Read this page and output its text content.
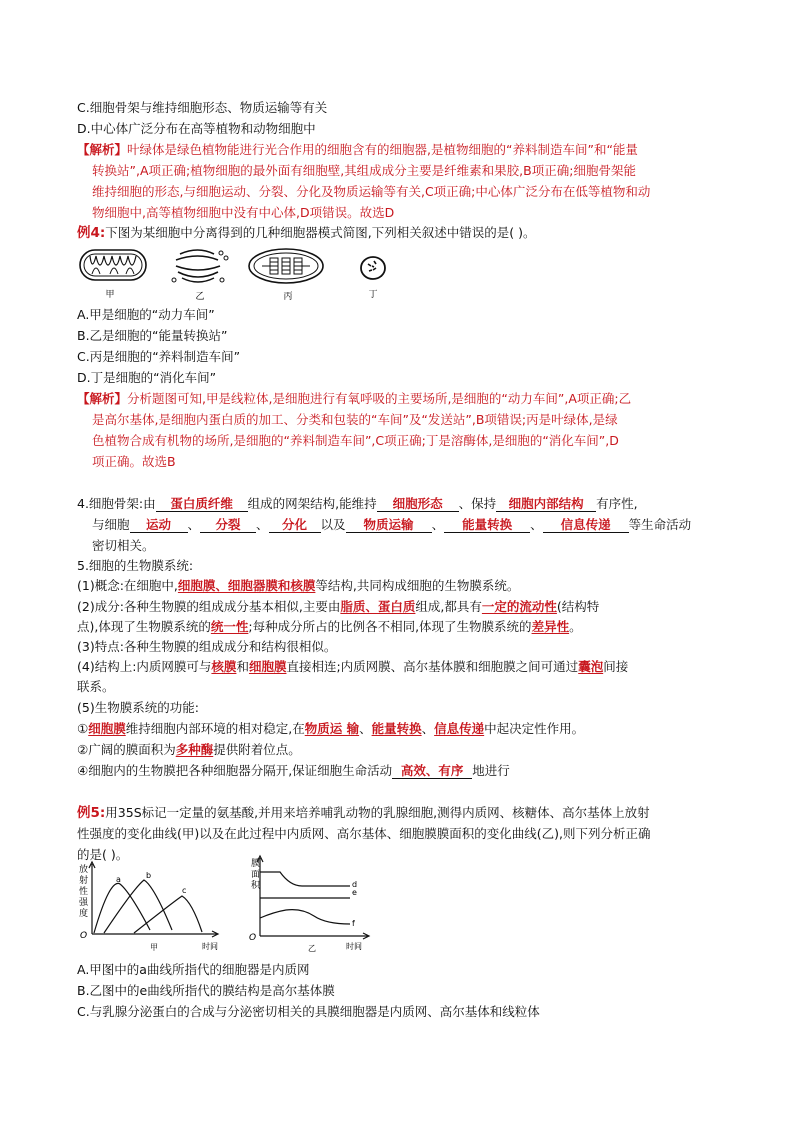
C.细胞骨架与维持细胞形态、物质运输等有关
D.中心体广泛分布在高等植物和动物细胞中
【解析】叶绿体是绿色植物能进行光合作用的细胞含有的细胞器,是植物细胞的“养料制造车间”和“能量
转换站”,A项正确;植物细胞的最外面有细胞壁,其组成成分主要是纤维素和果胶,B项正确;细胞骨架能
维持细胞的形态,与细胞运动、分裂、分化及物质运输等有关,C项正确;中心体广泛分布在低等植物和动
物细胞中,高等植物细胞中没有中心体,D项错误。故选D
例4:下图为某细胞中分离得到的几种细胞器模式简图,下列相关叙述中错误的是( )。
甲	乙	丙	丁
A.甲是细胞的“动力车间”
B.乙是细胞的“能量转换站”
C.丙是细胞的“养料制造车间”
D.丁是细胞的“消化车间”
【解析】分析题图可知,甲是线粒体,是细胞进行有氧呼吸的主要场所,是细胞的“动力车间”,A项正确;乙
是高尔基体,是细胞内蛋白质的加工、分类和包装的“车间”及“发送站”,B项错误;丙是叶绿体,是绿
色植物合成有机物的场所,是细胞的“养料制造车间”,C项正确;丁是溶酶体,是细胞的“消化车间”,D
项正确。故选B
4.细胞骨架:由 蛋白质纤维 组成的网架结构,能维持 细胞形态 、保持 细胞内部结构 有序性,
与细胞 运动 、 分裂 、 分化 以及 物质运输 、 能量转换 、 信息传递 等生命活动
密切相关。
5.细胞的生物膜系统:
(1)概念:在细胞中,细胞膜、细胞器膜和核膜等结构,共同构成细胞的生物膜系统。
(2)成分:各种生物膜的组成成分基本相似,主要由脂质、蛋白质组成,都具有一定的流动性(结构特
点),体现了生物膜系统的统一性;每种成分所占的比例各不相同,体现了生物膜系统的差异性。
(3)特点:各种生物膜的组成成分和结构很相似。
(4)结构上:内质网膜可与核膜和细胞膜直接相连;内质网膜、高尔基体膜和细胞膜之间可通过囊泡间接
联系。
(5)生物膜系统的功能:
①细胞膜维持细胞内部环境的相对稳定,在物质运 输、能量转换、信息传递中起决定性作用。
②广阔的膜面积为多种酶提供附着位点。
④细胞内的生物膜把各种细胞器分隔开,保证细胞生命活动 高效、有序 地进行
例5:用35S标记一定量的氨基酸,并用来培养哺乳动物的乳腺细胞,测得内质网、核糖体、高尔基体上放射
性强度的变化曲线(甲)以及在此过程中内质网、高尔基体、细胞膜膜面积的变化曲线(乙),则下列分析正确
的是( )。
放
射
性
强
度
O
a	b
c
时间
甲
膜
面
积
O
d
e
f
时间
乙
A.甲图中的a曲线所指代的细胞器是内质网
B.乙图中的e曲线所指代的膜结构是高尔基体膜
C.与乳腺分泌蛋白的合成与分泌密切相关的具膜细胞器是内质网、高尔基体和线粒体
